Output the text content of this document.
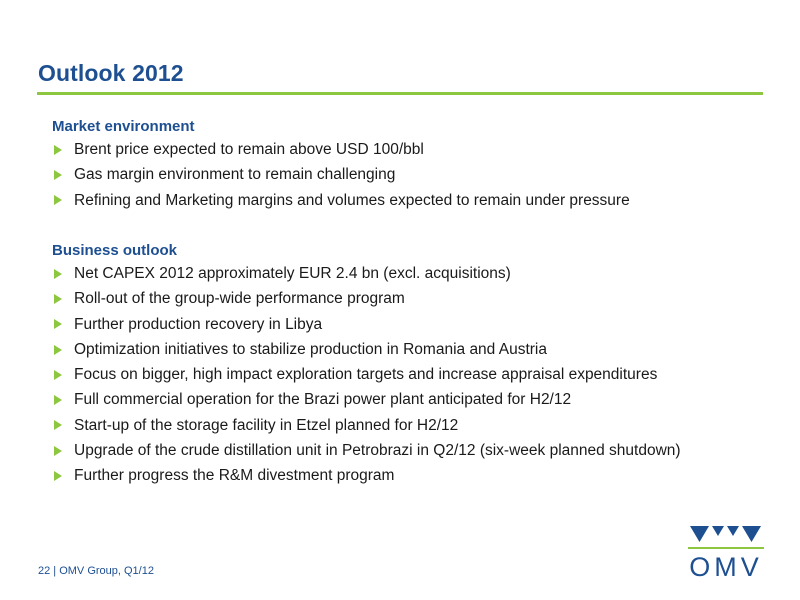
Outlook 2012
Market environment
Brent price expected to remain above USD 100/bbl
Gas margin environment to remain challenging
Refining and Marketing margins and volumes expected to remain under pressure
Business outlook
Net CAPEX 2012 approximately EUR 2.4 bn (excl. acquisitions)
Roll-out of the group-wide performance program
Further production recovery in Libya
Optimization initiatives to stabilize production in Romania and Austria
Focus on bigger, high impact exploration targets and increase appraisal expenditures
Full commercial operation for the Brazi power plant anticipated for H2/12
Start-up of the storage facility in Etzel planned for H2/12
Upgrade of the crude distillation unit in Petrobrazi in Q2/12 (six-week planned shutdown)
Further progress the R&M divestment program
22 | OMV Group, Q1/12	OMV
